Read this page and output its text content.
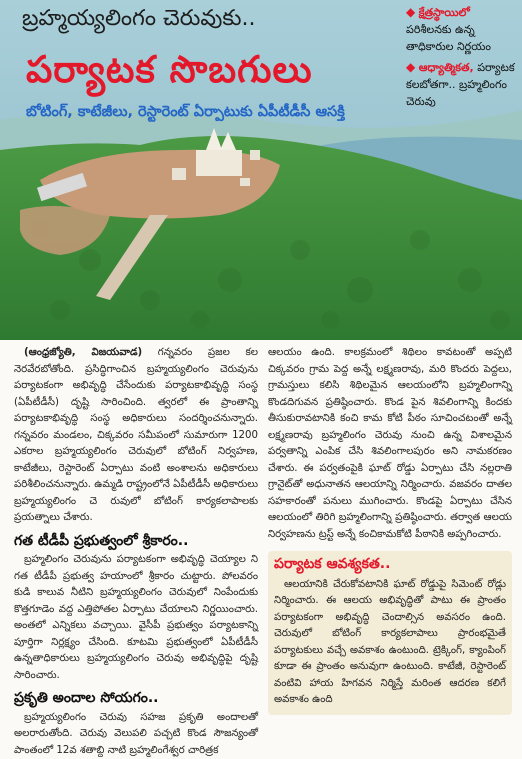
బ్రహ్మయ్యలింగం చెరువుకు..
పర్యాటక సొబగులు
బోటింగ్, కాటేజీలు, రెస్టారెంట్ ఏర్పాటుకు ఏపీటీడీసీ ఆసక్తి
◆ క్షేత్రస్థాయిలో పరిశీలనకు ఉన్న తాధికారుల నిర్ణయం
◆ ఆధ్యాత్మికత, పర్యాటక కలబోతగా.. బ్రహ్మలింగం చెరువు

(ఆంధ్రజ్యోతి, విజయవాడ) గన్నవరం ప్రజల కల నెరవేరబోతోంది. ప్రసిద్ధిగాంచిన బ్రహ్మయ్యలింగం చెరువును పర్యాటకంగా అభివృద్ధి చేసేందుకు పర్యాటకాభివృద్ధి సంస్థ (ఏపీటీడీసీ) దృష్టి సారించింది. త్వరలో ఈ ప్రాంతాన్ని పర్యాటకాభివృద్ధి సంస్థ అధికారులు సందర్శించనున్నారు. గన్నవరం మండలం, చిక్కవరం సమీపంలో సుమారుగా 1200 ఎకరాల బ్రహ్మయ్యలింగం చెరువులో బోటింగ్ నిర్వహణ, కాటేజీలు, రెస్టారెంట్ ఏర్పాటు వంటి అంశాలను అధికారులు పరిశీలించనున్నారు. ఉమ్మడి రాష్ట్రంలోనే ఏపీటీడీసీ అధికారులు బ్రహ్మయ్యలింగం చె రువులో బోటింగ్ కార్యకలాపాలకు ప్రయత్నాలు చేశారు.

గత టీడీపీ ప్రభుత్వంలో శ్రీకారం..

బ్రహ్మలింగం చెరువును పర్యాటకంగా అభివృద్ధి చెయ్యాల ని గత టీడీపీ ప్రభుత్వ హయాంలో శ్రీకారం చుట్టారు. పోలవరం కుడి కాలువ నీటిని బ్రహ్మయ్యలింగం చెరువులో నింపేందుకు కొత్తగూడెం వద్ద ఎత్తిపోతల ఏర్పాటు చేయాలని నిర్ణయించారు. అంతలో ఎన్నికలు వచ్చాయి. వైసీపీ ప్రభుత్వం పర్యాటకాన్ని పూర్తిగా నిర్లక్ష్యం చేసింది. కూటమి ప్రభుత్వంలో ఏపీటీడీసీ ఉన్నతాధికారులు బ్రహ్మయ్యలింగం చెరువు అభివృద్ధిపై దృష్టి సారించారు.

ప్రకృతి అందాల సోయగం..

బ్రహ్మయ్యలింగం చెరువు సహజ ప్రకృతి అందాలతో అలరారుతోంది. చెరువు వెలుపలి పచ్చటి కొండ సౌజన్యంతో పాంతంలో 12వ శతాబ్ది నాటి బ్రహ్మలింగేశ్వర చారిత్రక

ఆలయం ఉంది. కాలక్రమంలో శిథిలం కావటంతో అప్పటి చిక్కవరం గ్రామ పెద్ద అన్నే లక్ష్మణరావు, మరి కొందరు పెద్దలు, గ్రామస్తులు కలిసి శిథిలమైన ఆలయంలోని బ్రహ్మలింగాన్ని కొండదిగువన ప్రతిష్ఠించారు. కొండ పైన శివలింగాన్ని కిందకు తీసుకురావటానికి కంచి కామ కోటి పీఠం సూచించటంతో అన్నే లక్ష్మణరావు బ్రహ్మలింగం చెరువు నుంచి ఉన్న విశాలమైన పర్వతాన్ని ఎంపిక చేసి శివలింగాలపురం అని నామకరణం చేశారు. ఈ పర్వతంపైకి ఘాట్ రోడ్డు ఏర్పాటు చేసి నల్లరాతి గ్రానైట్‌తో అధునాతన ఆలయాన్ని నిర్మించారు. వజవరం దాతల సహకారంతో పనులు ముగించారు. కొండపై ఏర్పాటు చేసిన ఆలయంలో తిరిగి బ్రహ్మలింగాన్ని ప్రతిష్ఠించారు. తర్వాత ఆలయ నిర్వహణను ట్రస్ట్ అన్నే కంచికామకోటి పీఠానికి అప్పగించారు.

పర్యాటక ఆవశ్యకత..

ఆలయానికి చేరుకోవటానికి ఘాట్ రోడ్డుపై సిమెంట్ రోడ్లు నిర్మించారు. ఈ ఆలయ అభివృద్ధితో పాటు ఈ ప్రాంతం పర్యాటకంగా అభివృద్ధి చెందాల్సిన అవసరం ఉంది. చెరువులో బోటింగ్ కార్యకలాపాలు ప్రారంభమైతే పర్యాటకులు వచ్చే అవకాశం ఉంటుంది. ట్రెక్కింగ్, క్యాంపింగ్ కూడా ఈ ప్రాంతం అనువుగా ఉంటుంది. కాటేజీ, రెస్టారెంట్ వంటివి హాయ హిగవన నిర్మిస్తే మరింత ఆదరణ కలిగే అవకాశం ఉంది
